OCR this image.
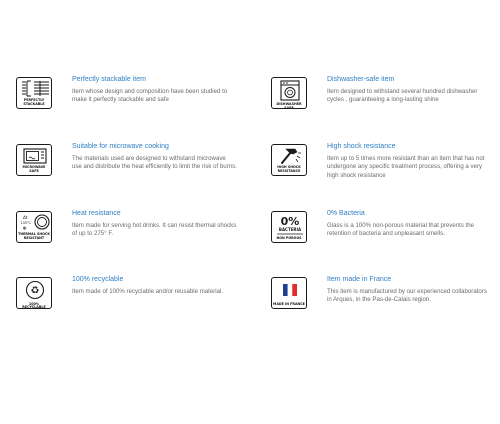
PERFECTLY
STACKABLE

Perfectly stackable item

Item whose design and composition have been studied to make it perfectly stackable and safe

DISHWASHER SAFE

Dishwasher-safe item

Item designed to withstand several hundred dishwasher cycles , guaranteeing a long-lasting shine

MICROWAVE
SAFE

Suitable for microwave cooking

The materials used are designed to withstand microwave use and distribute the heat efficiently to limit the risk of burns.	HIGH SHOCK
RESISTANCE

High shock resistance

Item up to 5 times more resistant than an item that has not undergone any specific treatment process, offering a very high shock resistance

Δt
135°C
❄
THERMAL SHOCK
RESISTANT

Heat resistance

Item made for serving hot drinks. It can resist thermal shocks of up to 275° F.

0%
BACTERIA
NON POROUS

0% Bacteria

Glass is a 100% non-porous material that prevents the retention of bacteria and unpleasant smells.

♻
100% RECYCLABLE

100% recyclable

Item made of 100% recyclable and/or reusable material.

MADE IN FRANCE

Item made in France

This item is manufactured by our experienced collaborators in Arques, in the Pas-de-Calais region.
